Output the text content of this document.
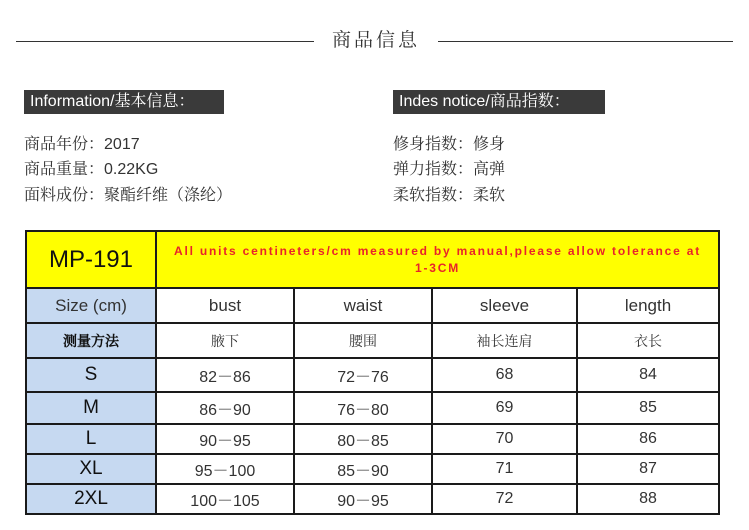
商品信息
Information/基本信息：	Indes notice/商品指数：
商品年份：2017
商品重量：0.22KG
面料成份：聚酯纤维（涤纶）
修身指数：修身
弹力指数：高弹
柔软指数：柔软
MP-191	All units centineters/cm measured by manual,please allow tolerance at 1-3CM			
Size (cm)	bust	waist	sleeve	length
测量方法	腋下	腰围	袖长连肩	衣长
S	82－86	72－76	68	84
M	86－90	76－80	69	85
L	90－95	80－85	70	86
XL	95－100	85－90	71	87
2XL	100－105	90－95	72	88
